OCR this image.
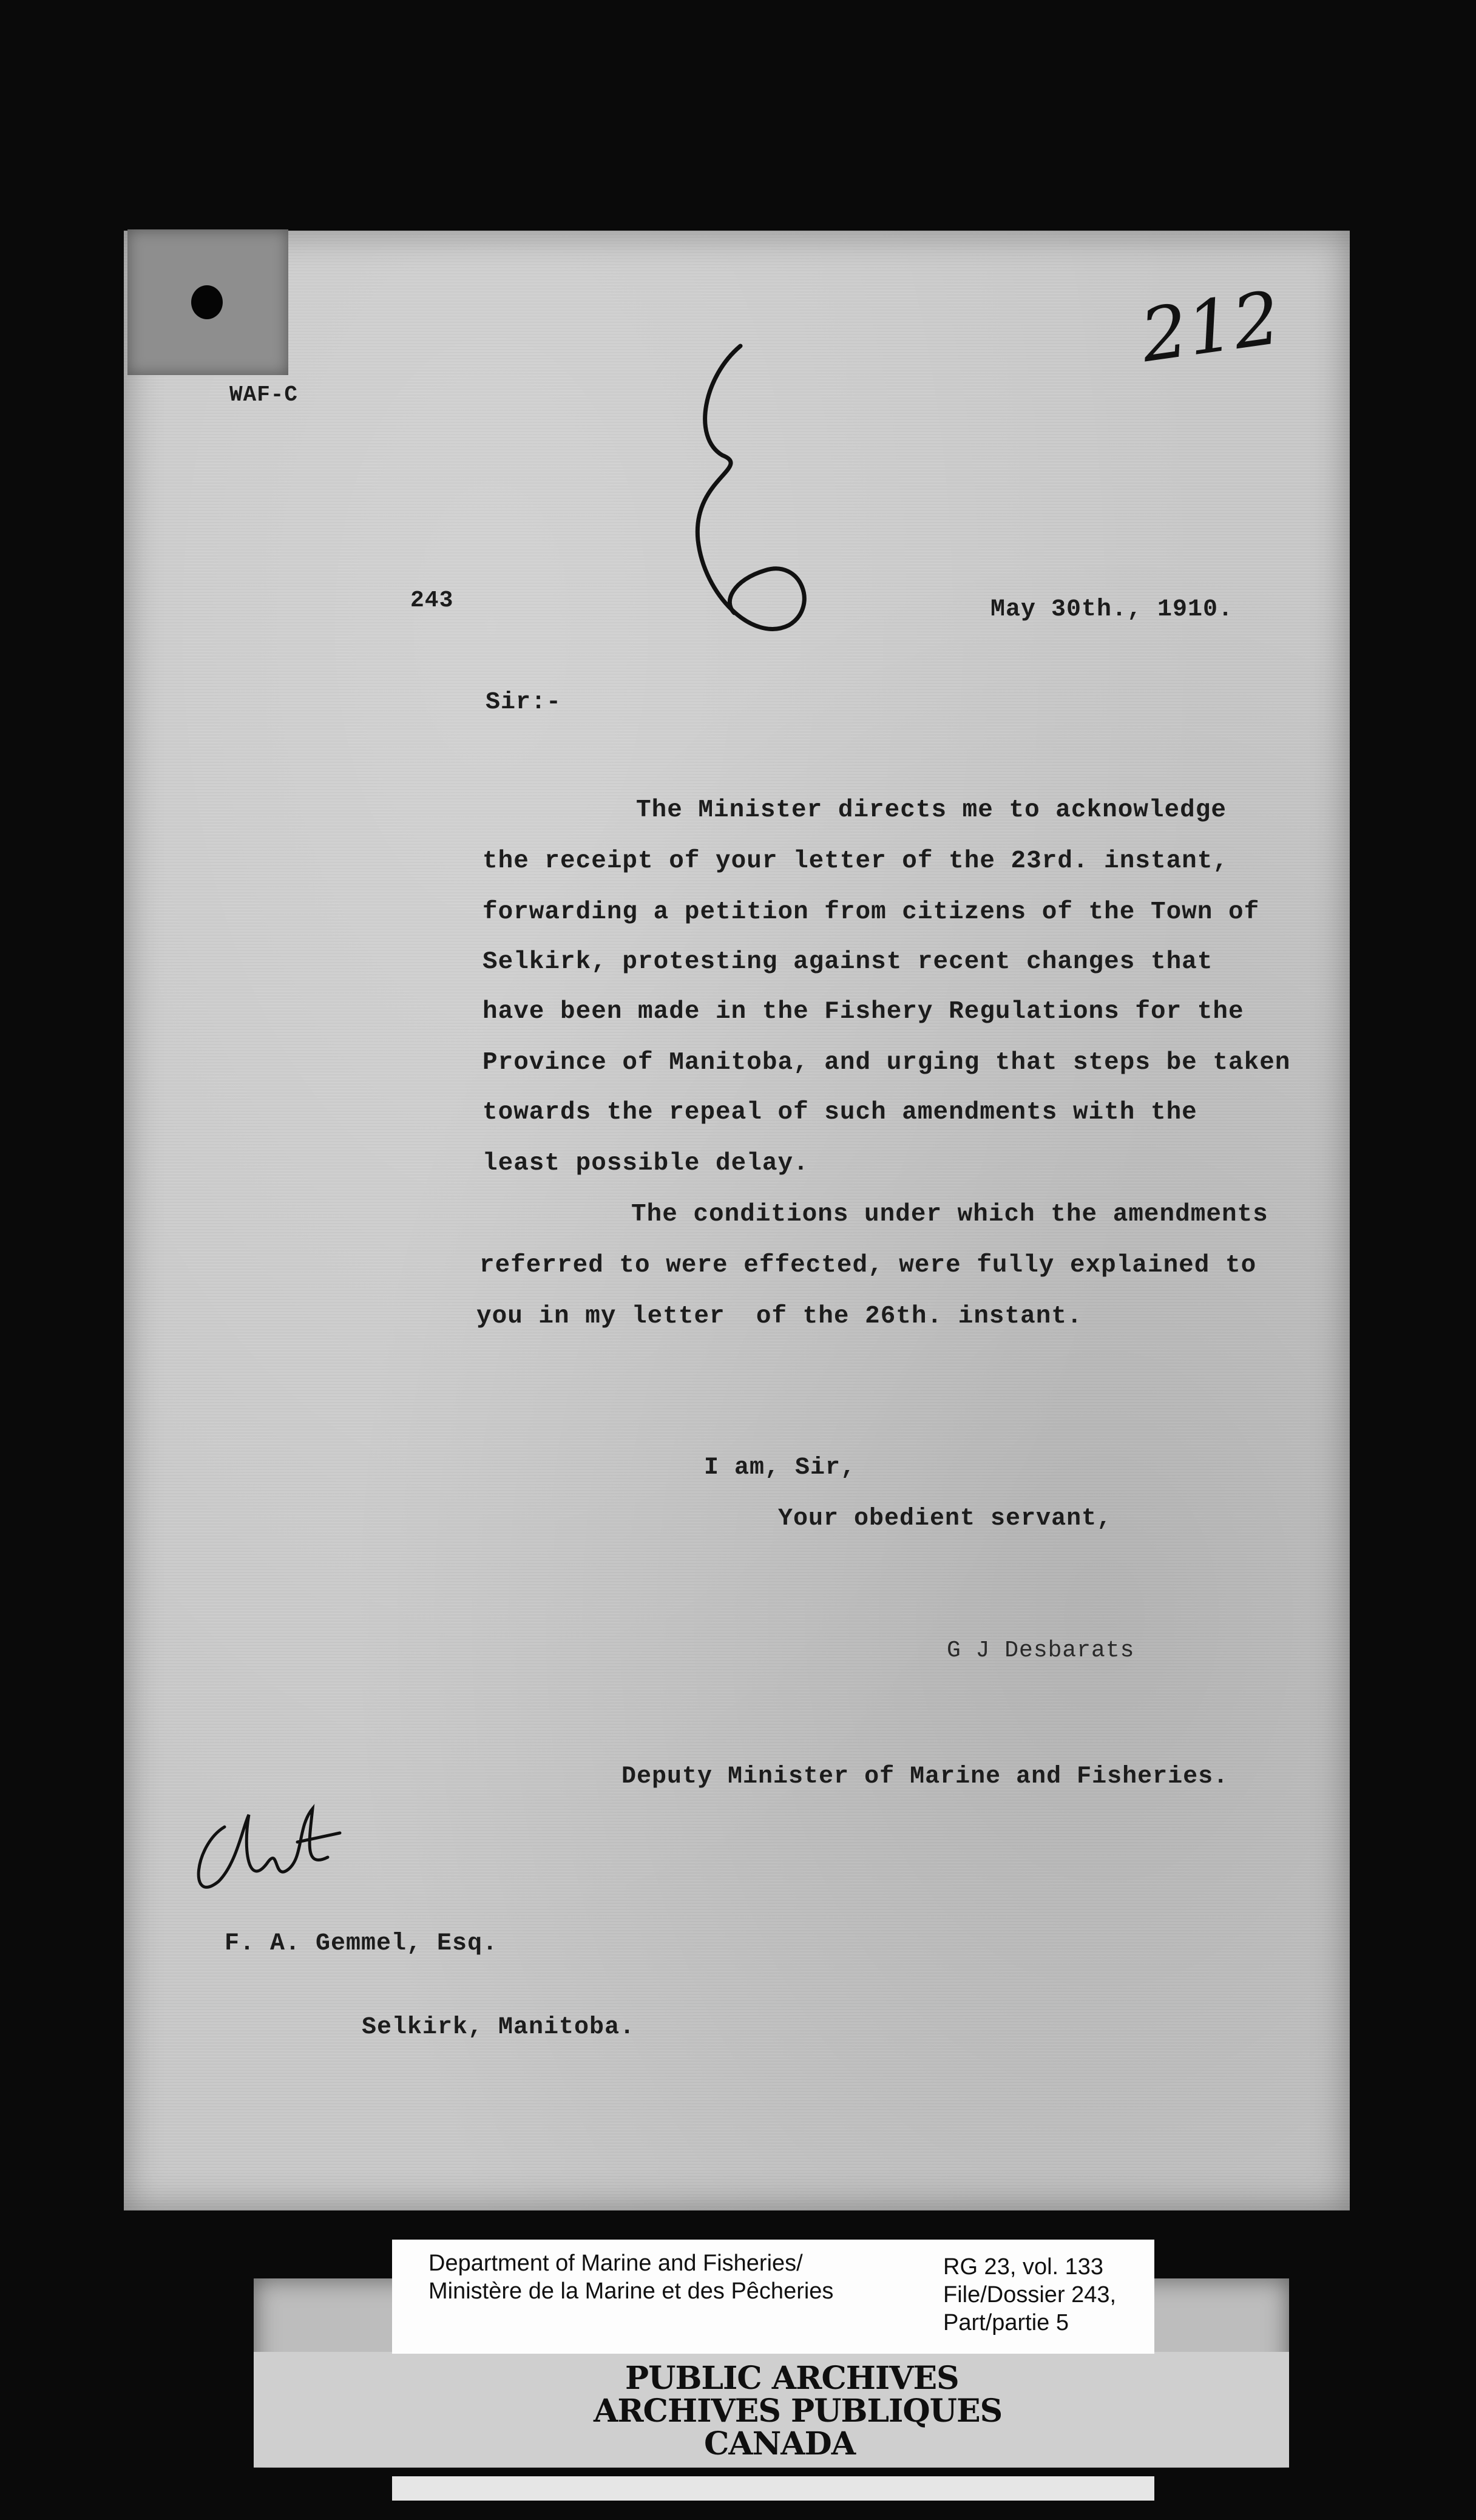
WAF-C
212
243	May 30th., 1910.
Sir:-
The Minister directs me to acknowledge
the receipt of your letter of the 23rd. instant,
forwarding a petition from citizens of the Town of
Selkirk, protesting against recent changes that
have been made in the Fishery Regulations for the
Province of Manitoba, and urging that steps be taken
towards the repeal of such amendments with the
least possible delay.
The conditions under which the amendments
referred to were effected, were fully explained to
you in my letter  of the 26th. instant.
I am, Sir,
Your obedient servant,
G J Desbarats
Deputy Minister of Marine and Fisheries.
F. A. Gemmel, Esq.
Selkirk, Manitoba.
PUBLIC ARCHIVES
ARCHIVES PUBLIQUES
CANADA
Department of Marine and Fisheries/
Ministère de la Marine et des Pêcheries
RG 23, vol. 133
File/Dossier 243,
Part/partie 5
